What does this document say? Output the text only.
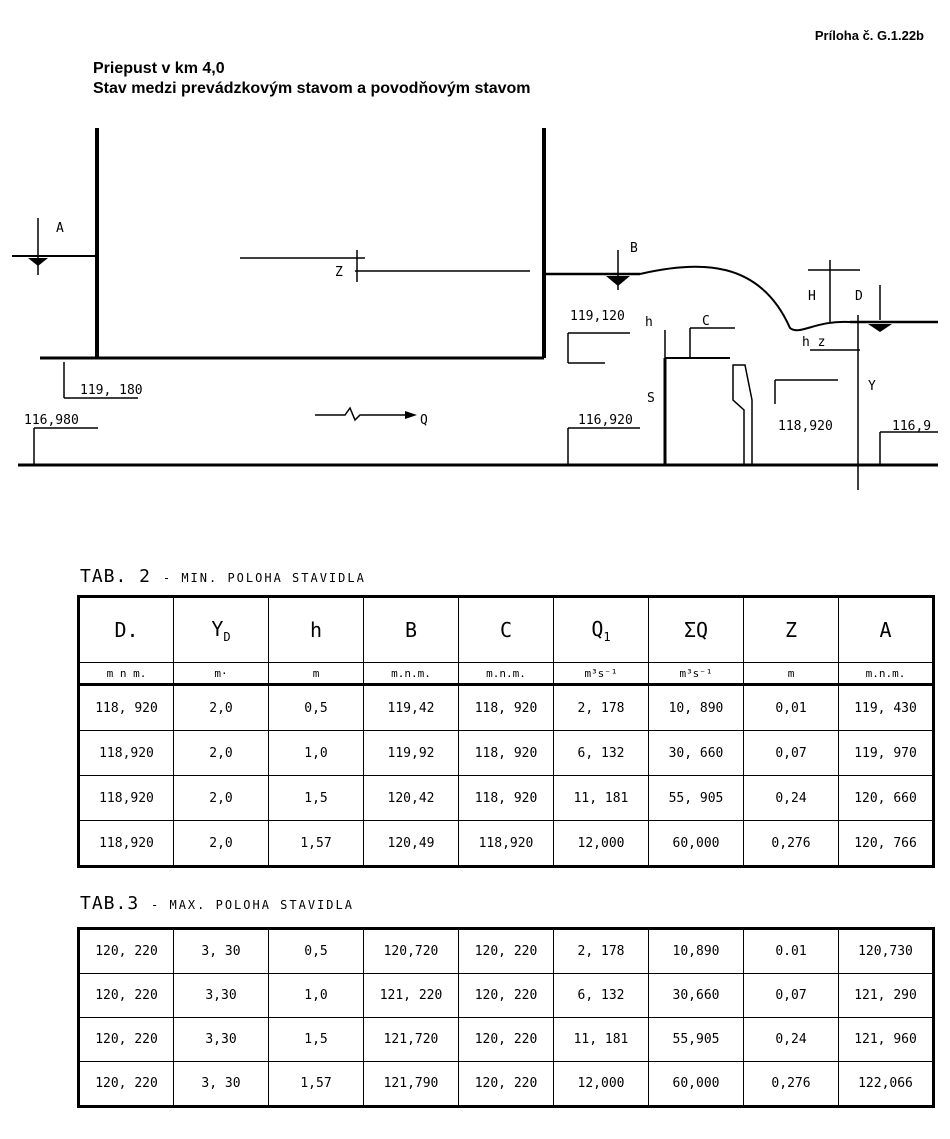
Príloha č. G.1.22b
Priepust v km 4,0
Stav medzi prevádzkovým stavom a povodňovým stavom
A
Z
B
C
H	D
h
h z
S
Q
Y
119, 180
116,980
119,120
116,920	118,920	116,9
TAB. 2 - MIN. POLOHA STAVIDLA
D.	$Y_D$	h	B	C	$Q_1$	ΣQ	Z	A
m n m.	m·	m	m.n.m.	m.n.m.	m³s⁻¹	m³s⁻¹	m	m.n.m.
118, 920	2,0	0,5	119,42	118, 920	2, 178	10, 890	0,01	119, 430
118,920	2,0	1,0	119,92	118, 920	6, 132	30, 660	0,07	119, 970
118,920	2,0	1,5	120,42	118, 920	11, 181	55, 905	0,24	120, 660
118,920	2,0	1,57	120,49	118,920	12,000	60,000	0,276	120, 766
TAB.3 - MAX. POLOHA STAVIDLA
120, 220	3, 30	0,5	120,720	120, 220	2, 178	10,890	0.01	120,730
120, 220	3,30	1,0	121, 220	120, 220	6, 132	30,660	0,07	121, 290
120, 220	3,30	1,5	121,720	120, 220	11, 181	55,905	0,24	121, 960
120, 220	3, 30	1,57	121,790	120, 220	12,000	60,000	0,276	122,066
